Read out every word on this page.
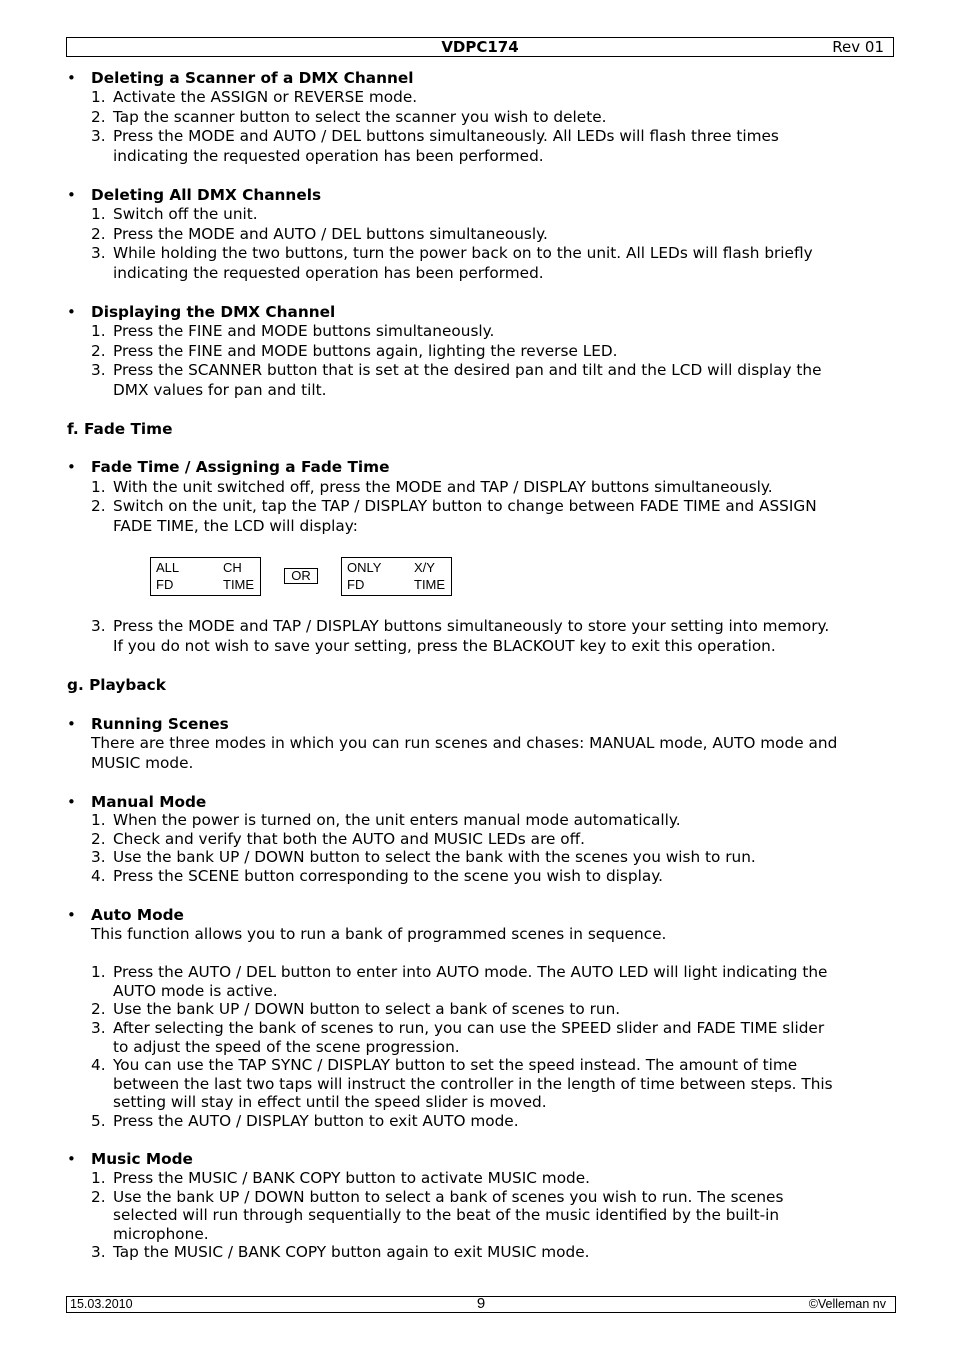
VDPC174	Rev 01
• Deleting a Scanner of a DMX Channel
1. Activate the ASSIGN or REVERSE mode.
2. Tap the scanner button to select the scanner you wish to delete.
3. Press the MODE and AUTO / DEL buttons simultaneously. All LEDs will flash three times
indicating the requested operation has been performed.
• Deleting All DMX Channels
1. Switch off the unit.
2. Press the MODE and AUTO / DEL buttons simultaneously.
3. While holding the two buttons, turn the power back on to the unit. All LEDs will flash briefly
indicating the requested operation has been performed.
• Displaying the DMX Channel
1. Press the FINE and MODE buttons simultaneously.
2. Press the FINE and MODE buttons again, lighting the reverse LED.
3. Press the SCANNER button that is set at the desired pan and tilt and the LCD will display the
DMX values for pan and tilt.
f. Fade Time
• Fade Time / Assigning a Fade Time
1. With the unit switched off, press the MODE and TAP / DISPLAY buttons simultaneously.
2. Switch on the unit, tap the TAP / DISPLAY button to change between FADE TIME and ASSIGN
FADE TIME, the LCD will display:
ALL	CH
FD	TIME
OR
ONLY	X/Y
FD	TIME
3. Press the MODE and TAP / DISPLAY buttons simultaneously to store your setting into memory.
If you do not wish to save your setting, press the BLACKOUT key to exit this operation.
g. Playback
• Running Scenes
There are three modes in which you can run scenes and chases: MANUAL mode, AUTO mode and
MUSIC mode.
• Manual Mode
1. When the power is turned on, the unit enters manual mode automatically.
2. Check and verify that both the AUTO and MUSIC LEDs are off.
3. Use the bank UP / DOWN button to select the bank with the scenes you wish to run.
4. Press the SCENE button corresponding to the scene you wish to display.
• Auto Mode
This function allows you to run a bank of programmed scenes in sequence.
1. Press the AUTO / DEL button to enter into AUTO mode. The AUTO LED will light indicating the
AUTO mode is active.
2. Use the bank UP / DOWN button to select a bank of scenes to run.
3. After selecting the bank of scenes to run, you can use the SPEED slider and FADE TIME slider
to adjust the speed of the scene progression.
4. You can use the TAP SYNC / DISPLAY button to set the speed instead. The amount of time
between the last two taps will instruct the controller in the length of time between steps. This
setting will stay in effect until the speed slider is moved.
5. Press the AUTO / DISPLAY button to exit AUTO mode.
• Music Mode
1. Press the MUSIC / BANK COPY button to activate MUSIC mode.
2. Use the bank UP / DOWN button to select a bank of scenes you wish to run. The scenes
selected will run through sequentially to the beat of the music identified by the built-in
microphone.
3. Tap the MUSIC / BANK COPY button again to exit MUSIC mode.
15.03.2010	9	©Velleman nv
